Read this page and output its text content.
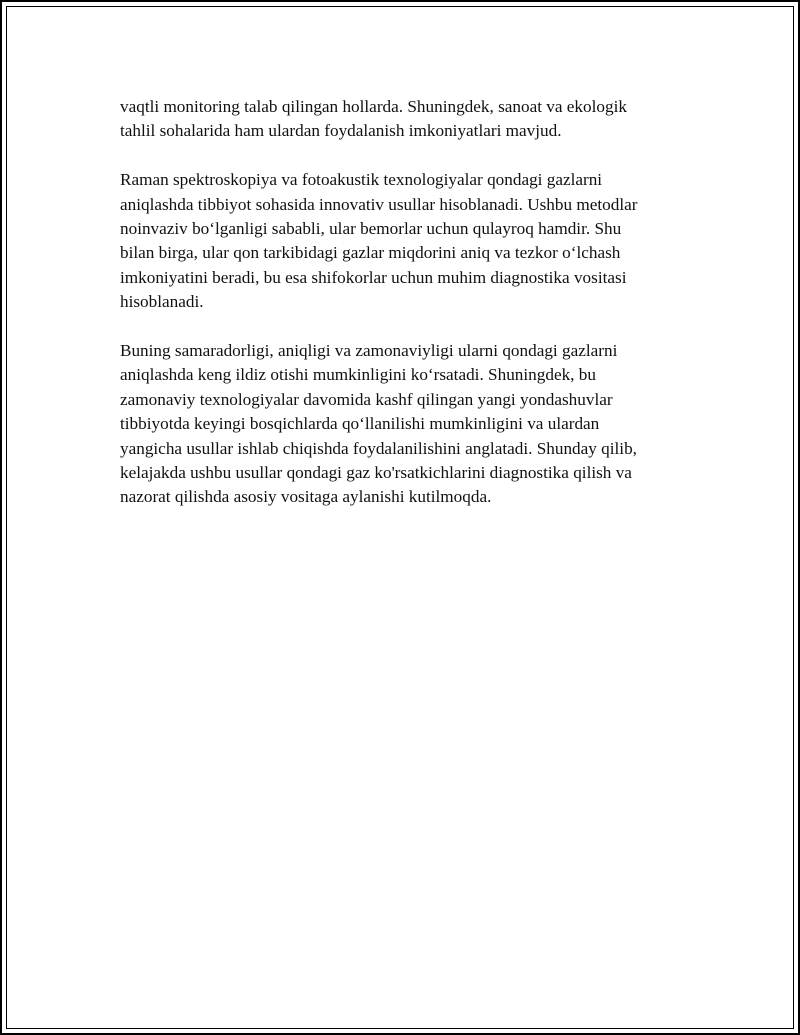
vaqtli monitoring talab qilingan hollarda. Shuningdek, sanoat va ekologik
tahlil sohalarida ham ulardan foydalanish imkoniyatlari mavjud.
Raman spektroskopiya va fotoakustik texnologiyalar qondagi gazlarni
aniqlashda tibbiyot sohasida innovativ usullar hisoblanadi. Ushbu metodlar
noinvaziv bo‘lganligi sababli, ular bemorlar uchun qulayroq hamdir. Shu
bilan birga, ular qon tarkibidagi gazlar miqdorini aniq va tezkor o‘lchash
imkoniyatini beradi, bu esa shifokorlar uchun muhim diagnostika vositasi
hisoblanadi.
Buning samaradorligi, aniqligi va zamonaviyligi ularni qondagi gazlarni
aniqlashda keng ildiz otishi mumkinligini ko‘rsatadi. Shuningdek, bu
zamonaviy texnologiyalar davomida kashf qilingan yangi yondashuvlar
tibbiyotda keyingi bosqichlarda qo‘llanilishi mumkinligini va ulardan
yangicha usullar ishlab chiqishda foydalanilishini anglatadi. Shunday qilib,
kelajakda ushbu usullar qondagi gaz ko'rsatkichlarini diagnostika qilish va
nazorat qilishda asosiy vositaga aylanishi kutilmoqda.
